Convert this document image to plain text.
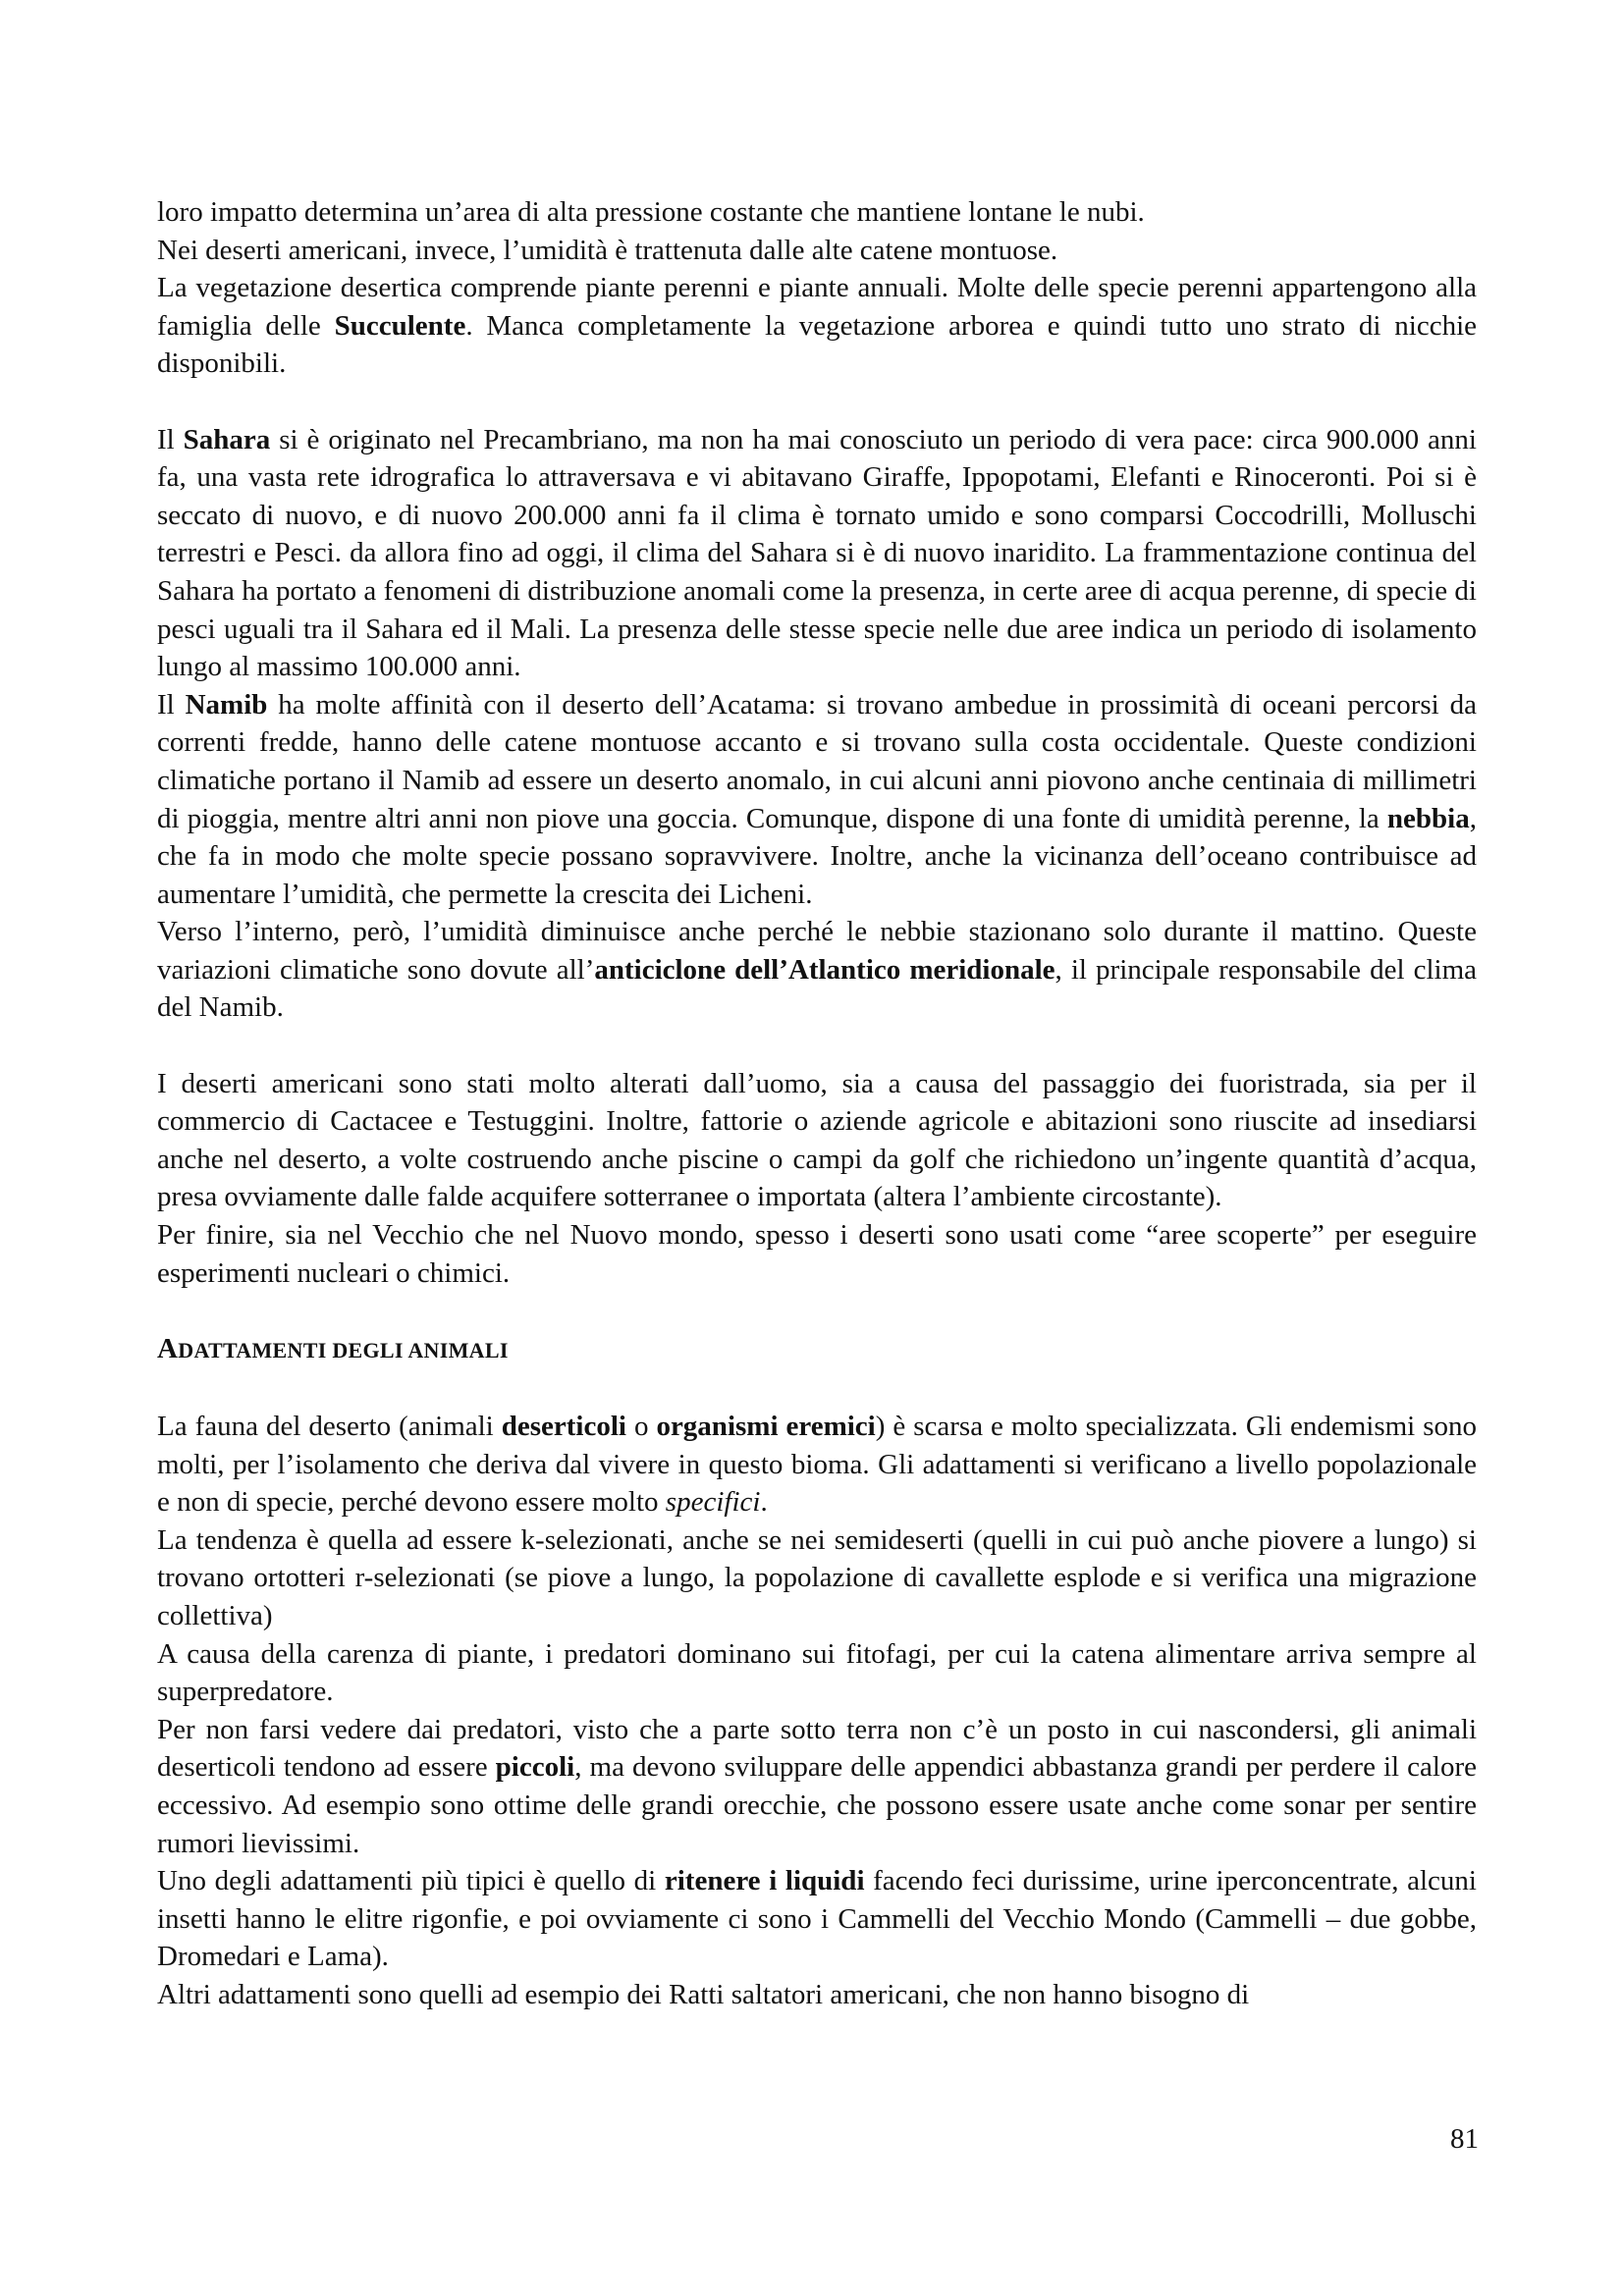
loro impatto determina un’area di alta pressione costante che mantiene lontane le nubi.

Nei deserti americani, invece, l’umidità è trattenuta dalle alte catene montuose.

La vegetazione desertica comprende piante perenni e piante annuali. Molte delle specie perenni appartengono alla famiglia delle Succulente. Manca completamente la vegetazione arborea e quindi tutto uno strato di nicchie disponibili.

Il Sahara si è originato nel Precambriano, ma non ha mai conosciuto un periodo di vera pace: circa 900.000 anni fa, una vasta rete idrografica lo attraversava e vi abitavano Giraffe, Ippopotami, Elefanti e Rinoceronti. Poi si è seccato di nuovo, e di nuovo 200.000 anni fa il clima è tornato umido e sono comparsi Coccodrilli, Molluschi terrestri e Pesci. da allora fino ad oggi, il clima del Sahara si è di nuovo inaridito. La frammentazione continua del Sahara ha portato a fenomeni di distribuzione anomali come la presenza, in certe aree di acqua perenne, di specie di pesci uguali tra il Sahara ed il Mali. La presenza delle stesse specie nelle due aree indica un periodo di isolamento lungo al massimo 100.000 anni.

Il Namib ha molte affinità con il deserto dell’Acatama: si trovano ambedue in prossimità di oceani percorsi da correnti fredde, hanno delle catene montuose accanto e si trovano sulla costa occidentale. Queste condizioni climatiche portano il Namib ad essere un deserto anomalo, in cui alcuni anni piovono anche centinaia di millimetri di pioggia, mentre altri anni non piove una goccia. Comunque, dispone di una fonte di umidità perenne, la nebbia, che fa in modo che molte specie possano sopravvivere. Inoltre, anche la vicinanza dell’oceano contribuisce ad aumentare l’umidità, che permette la crescita dei Licheni.

Verso l’interno, però, l’umidità diminuisce anche perché le nebbie stazionano solo durante il mattino. Queste variazioni climatiche sono dovute all’anticiclone dell’Atlantico meridionale, il principale responsabile del clima del Namib.

I deserti americani sono stati molto alterati dall’uomo, sia a causa del passaggio dei fuoristrada, sia per il commercio di Cactacee e Testuggini. Inoltre, fattorie o aziende agricole e abitazioni sono riuscite ad insediarsi anche nel deserto, a volte costruendo anche piscine o campi da golf che richiedono un’ingente quantità d’acqua, presa ovviamente dalle falde acquifere sotterranee o importata (altera l’ambiente circostante).

Per finire, sia nel Vecchio che nel Nuovo mondo, spesso i deserti sono usati come “aree scoperte” per eseguire esperimenti nucleari o chimici.

ADATTAMENTI DEGLI ANIMALI

La fauna del deserto (animali deserticoli o organismi eremici) è scarsa e molto specializzata. Gli endemismi sono molti, per l’isolamento che deriva dal vivere in questo bioma. Gli adattamenti si verificano a livello popolazionale e non di specie, perché devono essere molto specifici.

La tendenza è quella ad essere k-selezionati, anche se nei semideserti (quelli in cui può anche piovere a lungo) si trovano ortotteri r-selezionati (se piove a lungo, la popolazione di cavallette esplode e si verifica una migrazione collettiva)

A causa della carenza di piante, i predatori dominano sui fitofagi, per cui la catena alimentare arriva sempre al superpredatore.

Per non farsi vedere dai predatori, visto che a parte sotto terra non c’è un posto in cui nascondersi, gli animali deserticoli tendono ad essere piccoli, ma devono sviluppare delle appendici abbastanza grandi per perdere il calore eccessivo. Ad esempio sono ottime delle grandi orecchie, che possono essere usate anche come sonar per sentire rumori lievissimi.

Uno degli adattamenti più tipici è quello di ritenere i liquidi facendo feci durissime, urine iperconcentrate, alcuni insetti hanno le elitre rigonfie, e poi ovviamente ci sono i Cammelli del Vecchio Mondo (Cammelli – due gobbe, Dromedari e Lama).

Altri adattamenti sono quelli ad esempio dei Ratti saltatori americani, che non hanno bisogno di

81
